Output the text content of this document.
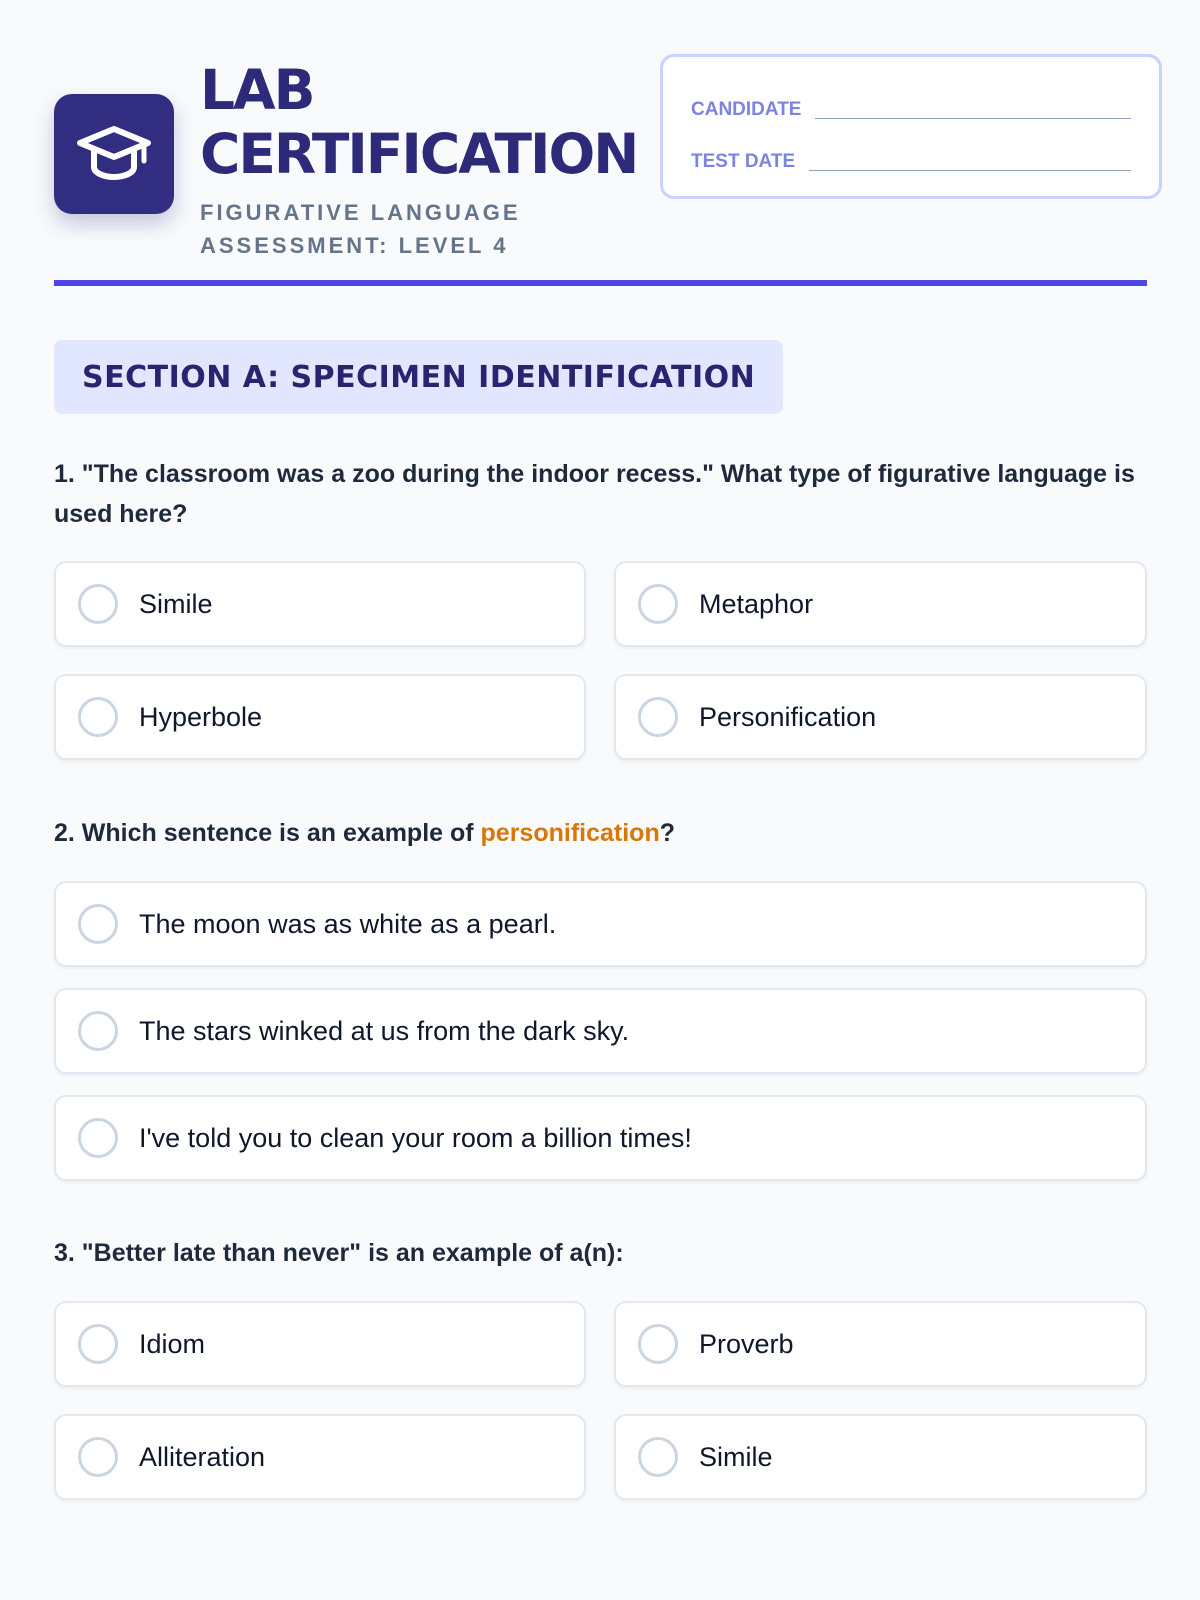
LAB
CERTIFICATION
FIGURATIVE LANGUAGE
ASSESSMENT: LEVEL 4
CANDIDATE
TEST DATE
SECTION A: SPECIMEN IDENTIFICATION
1. "The classroom was a zoo during the indoor recess." What type of figurative language is used here?
Simile	Metaphor
Hyperbole	Personification
2. Which sentence is an example of personification?
The moon was as white as a pearl.
The stars winked at us from the dark sky.
I've told you to clean your room a billion times!
3. "Better late than never" is an example of a(n):
Idiom	Proverb
Alliteration	Simile
